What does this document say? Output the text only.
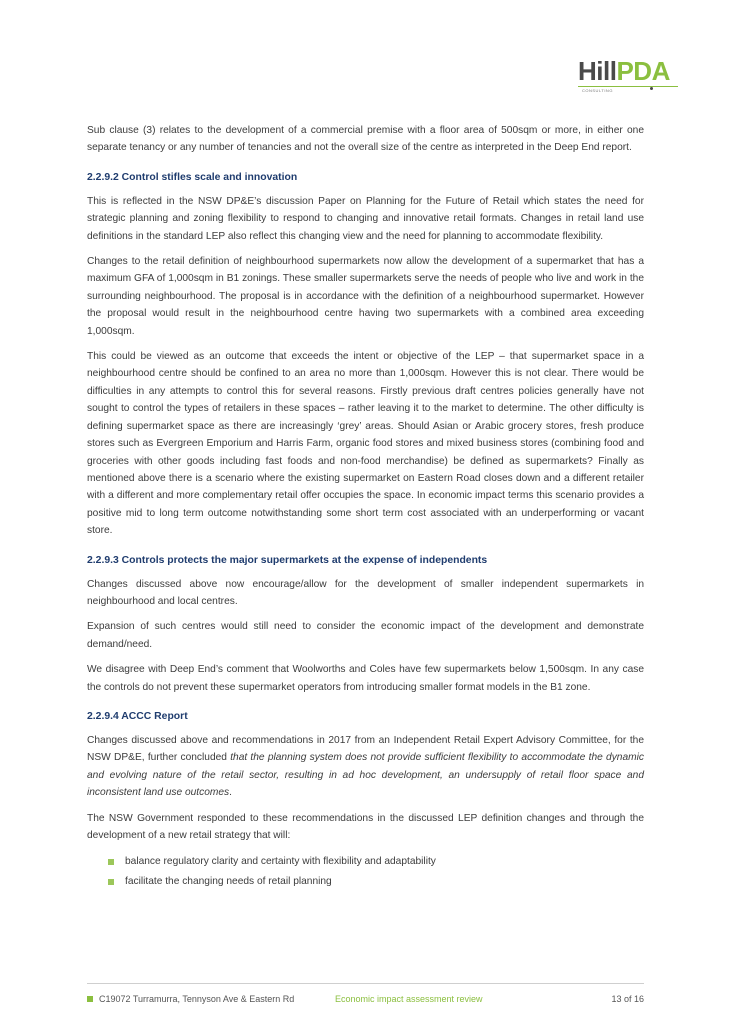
HillPDA
CONSULTING

Sub clause (3) relates to the development of a commercial premise with a floor area of 500sqm or more, in either one separate tenancy or any number of tenancies and not the overall size of the centre as interpreted in the Deep End report.

2.2.9.2 Control stifles scale and innovation

This is reflected in the NSW DP&E’s discussion Paper on Planning for the Future of Retail which states the need for strategic planning and zoning flexibility to respond to changing and innovative retail formats. Changes in retail land use definitions in the standard LEP also reflect this changing view and the need for planning to accommodate flexibility.

Changes to the retail definition of neighbourhood supermarkets now allow the development of a supermarket that has a maximum GFA of 1,000sqm in B1 zonings. These smaller supermarkets serve the needs of people who live and work in the surrounding neighbourhood. The proposal is in accordance with the definition of a neighbourhood supermarket. However the proposal would result in the neighbourhood centre having two supermarkets with a combined area exceeding 1,000sqm.

This could be viewed as an outcome that exceeds the intent or objective of the LEP – that supermarket space in a neighbourhood centre should be confined to an area no more than 1,000sqm. However this is not clear. There would be difficulties in any attempts to control this for several reasons. Firstly previous draft centres policies generally have not sought to control the types of retailers in these spaces – rather leaving it to the market to determine. The other difficulty is defining supermarket space as there are increasingly ‘grey’ areas. Should Asian or Arabic grocery stores, fresh produce stores such as Evergreen Emporium and Harris Farm, organic food stores and mixed business stores (combining food and groceries with other goods including fast foods and non-food merchandise) be defined as supermarkets? Finally as mentioned above there is a scenario where the existing supermarket on Eastern Road closes down and a different retailer with a different and more complementary retail offer occupies the space. In economic impact terms this scenario provides a positive mid to long term outcome notwithstanding some short term cost associated with an underperforming or vacant store.

2.2.9.3 Controls protects the major supermarkets at the expense of independents

Changes discussed above now encourage/allow for the development of smaller independent supermarkets in neighbourhood and local centres.

Expansion of such centres would still need to consider the economic impact of the development and demonstrate demand/need.

We disagree with Deep End’s comment that Woolworths and Coles have few supermarkets below 1,500sqm. In any case the controls do not prevent these supermarket operators from introducing smaller format models in the B1 zone.

2.2.9.4 ACCC Report

Changes discussed above and recommendations in 2017 from an Independent Retail Expert Advisory Committee, for the NSW DP&E, further concluded that the planning system does not provide sufficient flexibility to accommodate the dynamic and evolving nature of the retail sector, resulting in ad hoc development, an undersupply of retail floor space and inconsistent land use outcomes.

The NSW Government responded to these recommendations in the discussed LEP definition changes and through the development of a new retail strategy that will:

balance regulatory clarity and certainty with flexibility and adaptability
facilitate the changing needs of retail planning
C19072 Turramurra, Tennyson Ave & Eastern Rd	Economic impact assessment review	13 of 16
